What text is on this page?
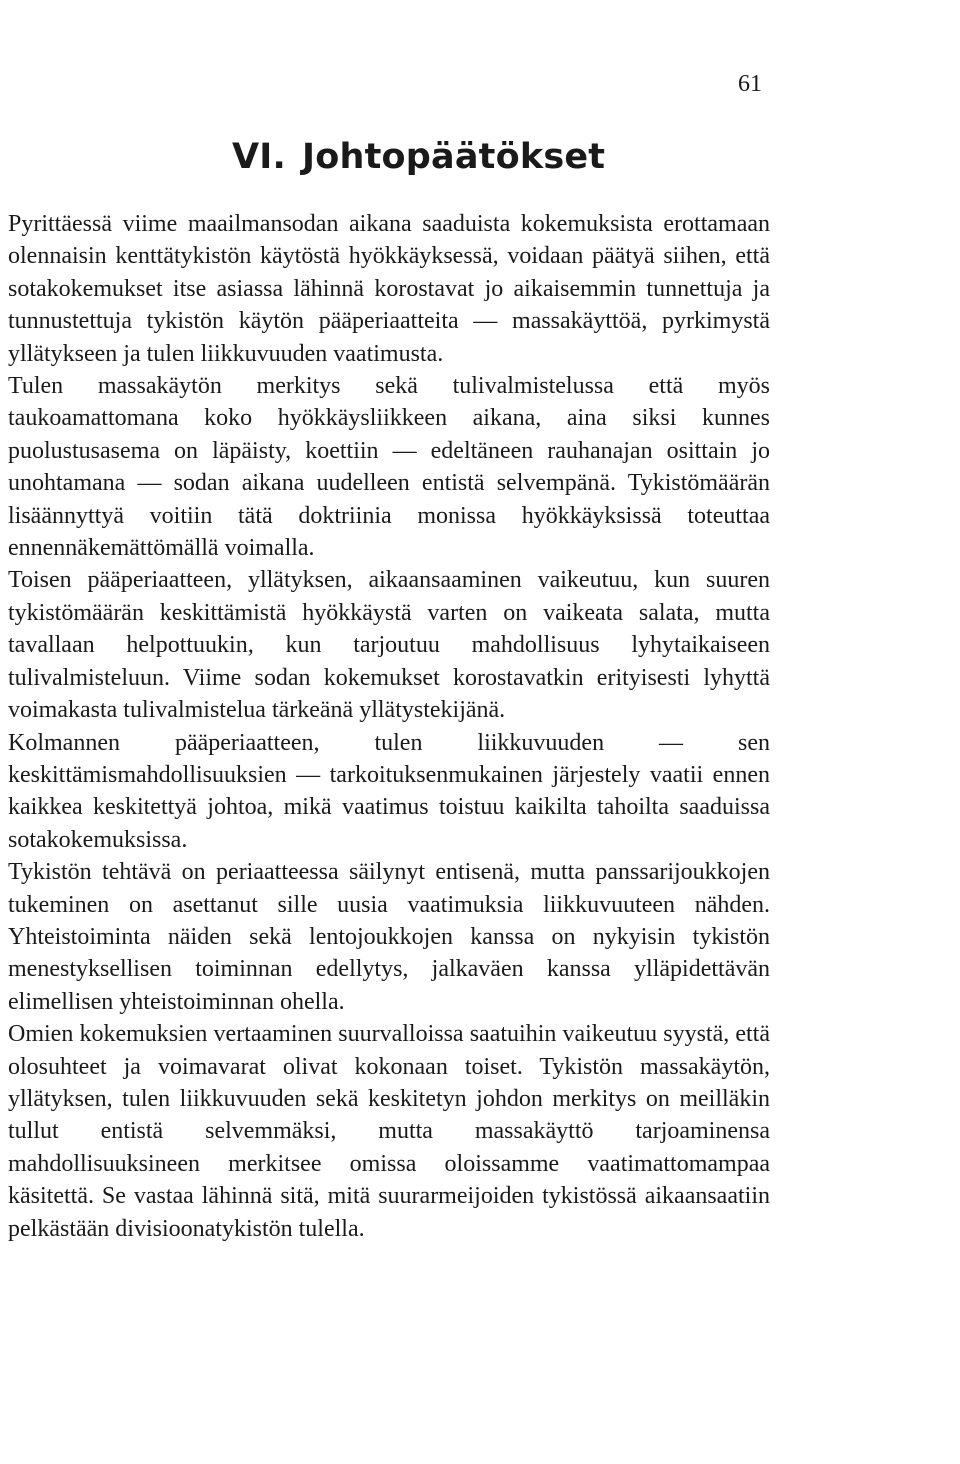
61
VI. Johtopäätökset

Pyrittäessä viime maailmansodan aikana saaduista kokemuksista erottamaan olennaisin kenttätykistön käytöstä hyökkäyksessä, voidaan päätyä siihen, että sotakokemukset itse asiassa lähinnä korostavat jo aikaisemmin tunnettuja ja tunnustettuja tykistön käytön pääperiaatteita — massakäyttöä, pyrkimystä yllätykseen ja tulen liikkuvuuden vaatimusta.

Tulen massakäytön merkitys sekä tulivalmistelussa että myös taukoamattomana koko hyökkäysliikkeen aikana, aina siksi kunnes puolustusasema on läpäisty, koettiin — edeltäneen rauhanajan osittain jo unohtamana — sodan aikana uudelleen entistä selvempänä. Tykistömäärän lisäännyttyä voitiin tätä doktriinia monissa hyökkäyksissä toteuttaa ennennäkemättömällä voimalla.

Toisen pääperiaatteen, yllätyksen, aikaansaaminen vaikeutuu, kun suuren tykistömäärän keskittämistä hyökkäystä varten on vaikeata salata, mutta tavallaan helpottuukin, kun tarjoutuu mahdollisuus lyhytaikaiseen tulivalmisteluun. Viime sodan kokemukset korostavatkin erityisesti lyhyttä voimakasta tulivalmistelua tärkeänä yllätystekijänä.

Kolmannen pääperiaatteen, tulen liikkuvuuden — sen keskittämismahdollisuuksien — tarkoituksenmukainen järjestely vaatii ennen kaikkea keskitettyä johtoa, mikä vaatimus toistuu kaikilta tahoilta saaduissa sotakokemuksissa.

Tykistön tehtävä on periaatteessa säilynyt entisenä, mutta panssarijoukkojen tukeminen on asettanut sille uusia vaatimuksia liikkuvuuteen nähden. Yhteistoiminta näiden sekä lentojoukkojen kanssa on nykyisin tykistön menestyksellisen toiminnan edellytys, jalkaväen kanssa ylläpidettävän elimellisen yhteistoiminnan ohella.

Omien kokemuksien vertaaminen suurvalloissa saatuihin vaikeutuu syystä, että olosuhteet ja voimavarat olivat kokonaan toiset. Tykistön massakäytön, yllätyksen, tulen liikkuvuuden sekä keskitetyn johdon merkitys on meilläkin tullut entistä selvemmäksi, mutta massakäyttö tarjoaminensa mahdollisuuksineen merkitsee omissa oloissamme vaatimattomampaa käsitettä. Se vastaa lähinnä sitä, mitä suurarmeijoiden tykistössä aikaansaatiin pelkästään divisioonatykistön tulella.
